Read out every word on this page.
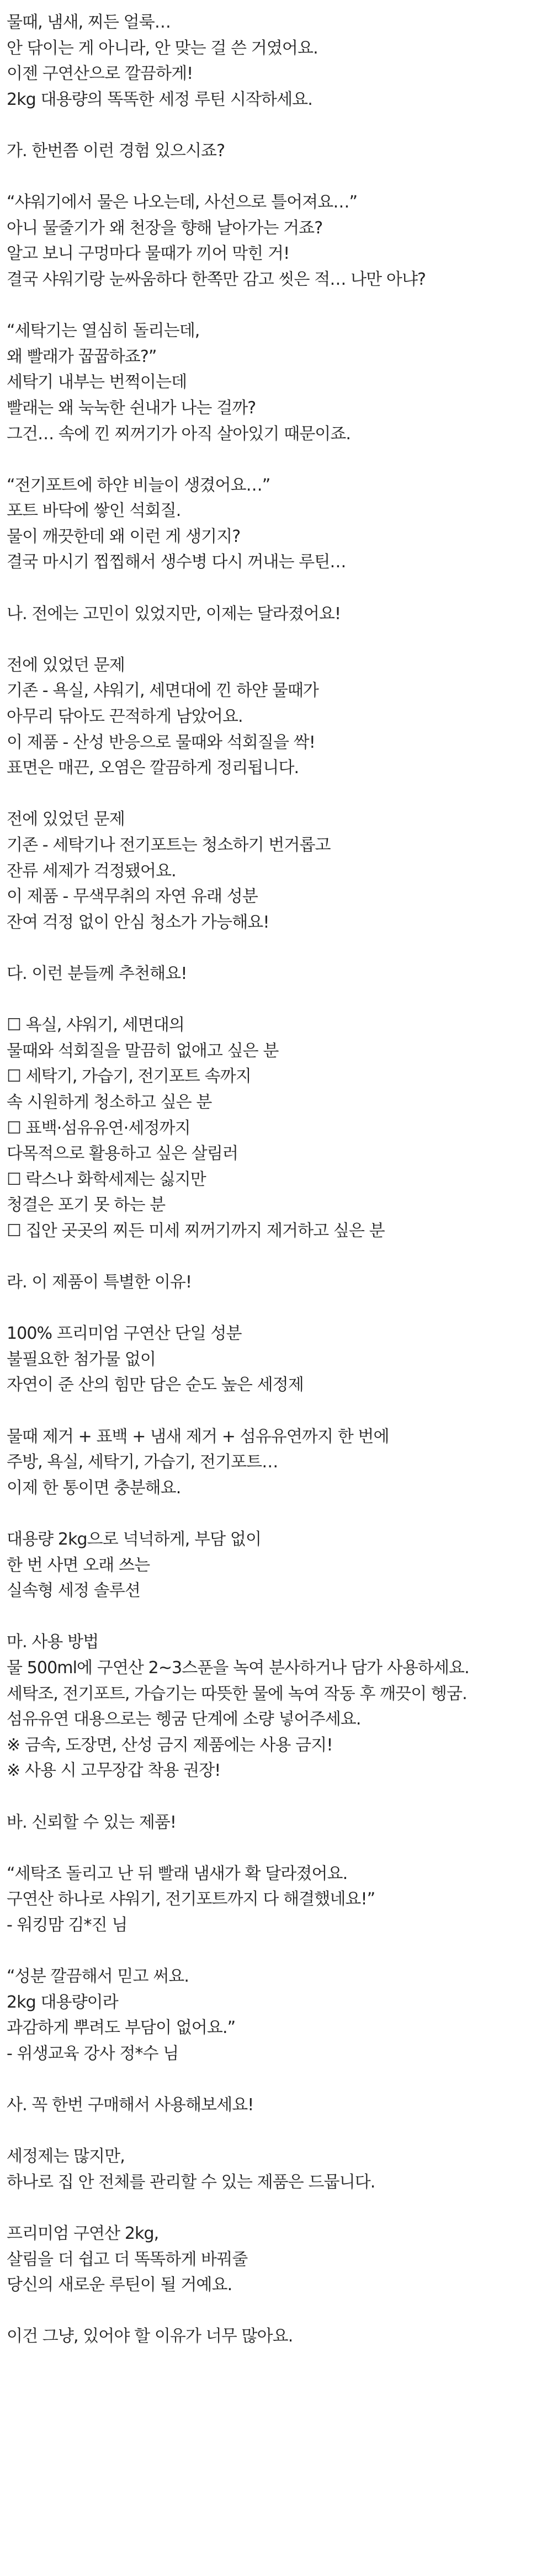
물때, 냄새, 찌든 얼룩…
안 닦이는 게 아니라, 안 맞는 걸 쓴 거였어요.
이젠 구연산으로 깔끔하게!
2kg 대용량의 똑똑한 세정 루틴 시작하세요.
가. 한번쯤 이런 경험 있으시죠?
“샤워기에서 물은 나오는데, 사선으로 틀어져요…”
아니 물줄기가 왜 천장을 향해 날아가는 거죠?
알고 보니 구멍마다 물때가 끼어 막힌 거!
결국 샤워기랑 눈싸움하다 한쪽만 감고 씻은 적… 나만 아냐?
“세탁기는 열심히 돌리는데,
왜 빨래가 꿉꿉하죠?”
세탁기 내부는 번쩍이는데
빨래는 왜 눅눅한 쉰내가 나는 걸까?
그건… 속에 낀 찌꺼기가 아직 살아있기 때문이죠.
“전기포트에 하얀 비늘이 생겼어요…”
포트 바닥에 쌓인 석회질.
물이 깨끗한데 왜 이런 게 생기지?
결국 마시기 찝찝해서 생수병 다시 꺼내는 루틴…
나. 전에는 고민이 있었지만, 이제는 달라졌어요!
전에 있었던 문제
기존 - 욕실, 샤워기, 세면대에 낀 하얀 물때가
아무리 닦아도 끈적하게 남았어요.
이 제품 - 산성 반응으로 물때와 석회질을 싹!
표면은 매끈, 오염은 깔끔하게 정리됩니다.
전에 있었던 문제
기존 - 세탁기나 전기포트는 청소하기 번거롭고
잔류 세제가 걱정됐어요.
이 제품 - 무색무취의 자연 유래 성분
잔여 걱정 없이 안심 청소가 가능해요!
다. 이런 분들께 추천해요!
☐ 욕실, 샤워기, 세면대의
물때와 석회질을 말끔히 없애고 싶은 분
☐ 세탁기, 가습기, 전기포트 속까지
속 시원하게 청소하고 싶은 분
☐ 표백·섬유유연·세정까지
다목적으로 활용하고 싶은 살림러
☐ 락스나 화학세제는 싫지만
청결은 포기 못 하는 분
☐ 집안 곳곳의 찌든 미세 찌꺼기까지 제거하고 싶은 분
라. 이 제품이 특별한 이유!
100% 프리미엄 구연산 단일 성분
불필요한 첨가물 없이
자연이 준 산의 힘만 담은 순도 높은 세정제
물때 제거 + 표백 + 냄새 제거 + 섬유유연까지 한 번에
주방, 욕실, 세탁기, 가습기, 전기포트…
이제 한 통이면 충분해요.
대용량 2kg으로 넉넉하게, 부담 없이
한 번 사면 오래 쓰는
실속형 세정 솔루션
마. 사용 방법
물 500ml에 구연산 2~3스푼을 녹여 분사하거나 담가 사용하세요.
세탁조, 전기포트, 가습기는 따뜻한 물에 녹여 작동 후 깨끗이 헹굼.
섬유유연 대용으로는 헹굼 단계에 소량 넣어주세요.
※ 금속, 도장면, 산성 금지 제품에는 사용 금지!
※ 사용 시 고무장갑 착용 권장!
바. 신뢰할 수 있는 제품!
“세탁조 돌리고 난 뒤 빨래 냄새가 확 달라졌어요.
구연산 하나로 샤워기, 전기포트까지 다 해결했네요!”
- 워킹맘 김*진 님
“성분 깔끔해서 믿고 써요.
2kg 대용량이라
과감하게 뿌려도 부담이 없어요.”
- 위생교육 강사 정*수 님
사. 꼭 한번 구매해서 사용해보세요!
세정제는 많지만,
하나로 집 안 전체를 관리할 수 있는 제품은 드뭅니다.
프리미엄 구연산 2kg,
살림을 더 쉽고 더 똑똑하게 바꿔줄
당신의 새로운 루틴이 될 거예요.
이건 그냥, 있어야 할 이유가 너무 많아요.
